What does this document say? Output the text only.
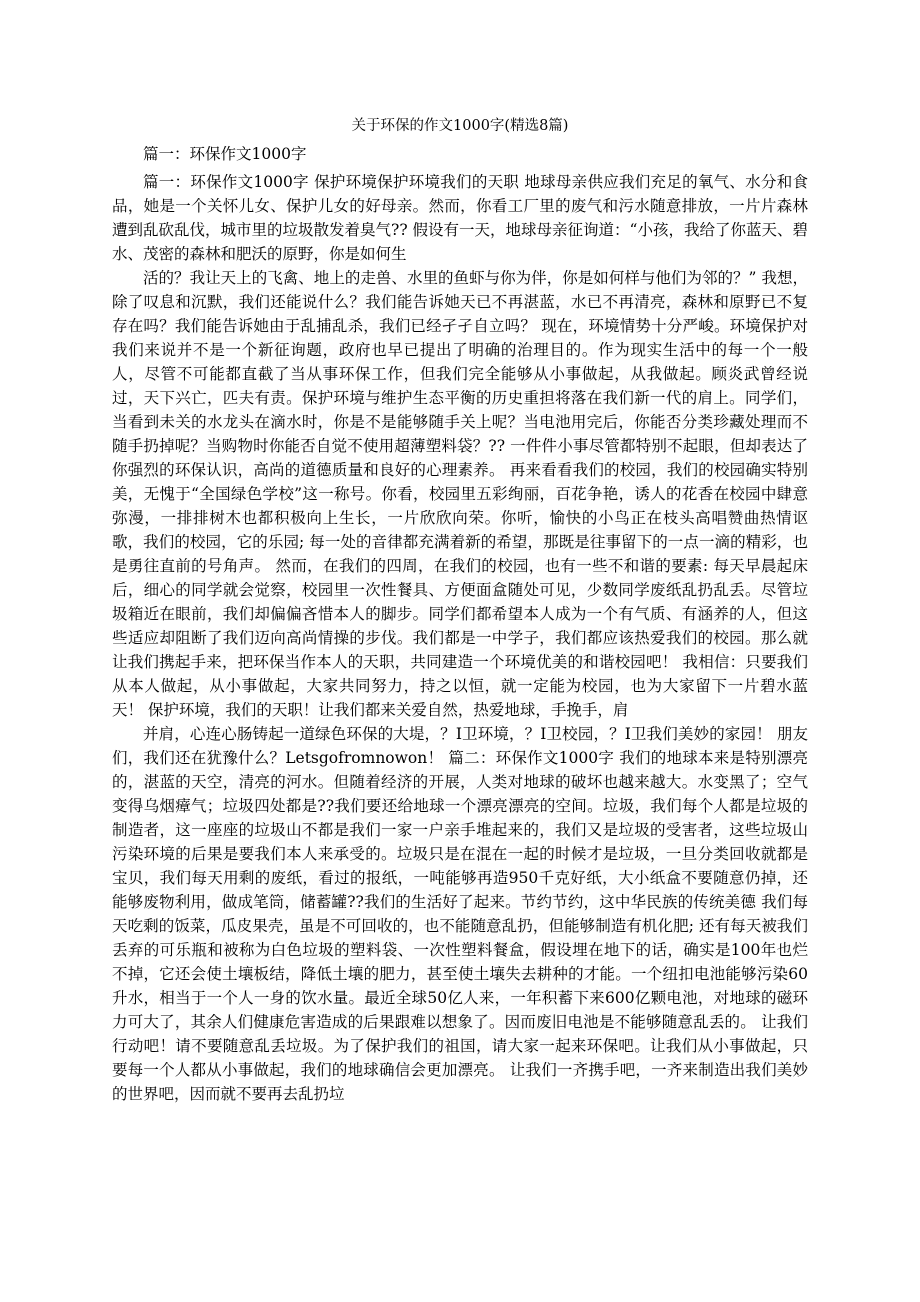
关于环保的作文1000字(精选8篇)
篇一：环保作文1000字

篇一：环保作文1000字 保护环境保护环境我们的天职 地球母亲供应我们充足的氧气、水分和食品，她是一个关怀儿女、保护儿女的好母亲。然而，你看工厂里的废气和污水随意排放，一片片森林遭到乱砍乱伐，城市里的垃圾散发着臭气?? 假设有一天，地球母亲征询道：“小孩，我给了你蓝天、碧水、茂密的森林和肥沃的原野，你是如何生

活的？我让天上的飞禽、地上的走兽、水里的鱼虾与你为伴，你是如何样与他们为邻的？” 我想，除了叹息和沉默，我们还能说什么？我们能告诉她天已不再湛蓝，水已不再清亮，森林和原野已不复存在吗？我们能告诉她由于乱捕乱杀，我们已经孑孑自立吗？ 现在，环境情势十分严峻。环境保护对我们来说并不是一个新征询题，政府也早已提出了明确的治理目的。作为现实生活中的每一个一般人，尽管不可能都直截了当从事环保工作，但我们完全能够从小事做起，从我做起。顾炎武曾经说过，天下兴亡，匹夫有责。保护环境与维护生态平衡的历史重担将落在我们新一代的肩上。同学们，当看到未关的水龙头在滴水时，你是不是能够随手关上呢？当电池用完后，你能否分类珍藏处理而不随手扔掉呢？当购物时你能否自觉不使用超薄塑料袋？?? 一件件小事尽管都特别不起眼，但却表达了你强烈的环保认识，高尚的道德质量和良好的心理素养。 再来看看我们的校园，我们的校园确实特别美，无愧于“全国绿色学校”这一称号。你看，校园里五彩绚丽，百花争艳，诱人的花香在校园中肆意弥漫，一排排树木也都积极向上生长，一片欣欣向荣。你听，愉快的小鸟正在枝头高唱赞曲热情讴歌，我们的校园，它的乐园; 每一处的音律都充满着新的希望，那既是往事留下的一点一滴的精彩，也是勇往直前的号角声。 然而，在我们的四周，在我们的校园，也有一些不和谐的要素: 每天早晨起床后，细心的同学就会觉察，校园里一次性餐具、方便面盒随处可见，少数同学废纸乱扔乱丢。尽管垃圾箱近在眼前，我们却偏偏吝惜本人的脚步。同学们都希望本人成为一个有气质、有涵养的人，但这些适应却阻断了我们迈向高尚情操的步伐。我们都是一中学子，我们都应该热爱我们的校园。那么就让我们携起手来，把环保当作本人的天职，共同建造一个环境优美的和谐校园吧！ 我相信：只要我们从本人做起，从小事做起，大家共同努力，持之以恒，就一定能为校园，也为大家留下一片碧水蓝天！ 保护环境，我们的天职！让我们都来关爱自然，热爱地球，手挽手，肩

并肩，心连心肠铸起一道绿色环保的大堤，？I卫环境，？I卫校园，？I卫我们美妙的家园！ 朋友们，我们还在犹豫什么？Letsgofromnowon！ 篇二：环保作文1000字 我们的地球本来是特别漂亮的，湛蓝的天空，清亮的河水。但随着经济的开展，人类对地球的破坏也越来越大。水变黑了；空气变得乌烟瘴气；垃圾四处都是??我们要还给地球一个漂亮漂亮的空间。垃圾，我们每个人都是垃圾的制造者，这一座座的垃圾山不都是我们一家一户亲手堆起来的，我们又是垃圾的受害者，这些垃圾山污染环境的后果是要我们本人来承受的。垃圾只是在混在一起的时候才是垃圾，一旦分类回收就都是宝贝，我们每天用剩的废纸，看过的报纸，一吨能够再造950千克好纸，大小纸盒不要随意仍掉，还能够废物利用，做成笔筒，储蓄罐??我们的生活好了起来。节约节约，这中华民族的传统美德 我们每天吃剩的饭菜，瓜皮果壳，虽是不可回收的，也不能随意乱扔，但能够制造有机化肥; 还有每天被我们丢弃的可乐瓶和被称为白色垃圾的塑料袋、一次性塑料餐盒，假设埋在地下的话，确实是100年也烂不掉，它还会使土壤板结，降低土壤的肥力，甚至使土壤失去耕种的才能。一个纽扣电池能够污染60升水，相当于一个人一身的饮水量。最近全球50亿人来，一年积蓄下来600亿颗电池，对地球的磁环力可大了，其余人们健康危害造成的后果跟难以想象了。因而废旧电池是不能够随意乱丢的。 让我们行动吧！请不要随意乱丢垃圾。为了保护我们的祖国，请大家一起来环保吧。让我们从小事做起，只要每一个人都从小事做起，我们的地球确信会更加漂亮。 让我们一齐携手吧，一齐来制造出我们美妙的世界吧，因而就不要再去乱扔垃
